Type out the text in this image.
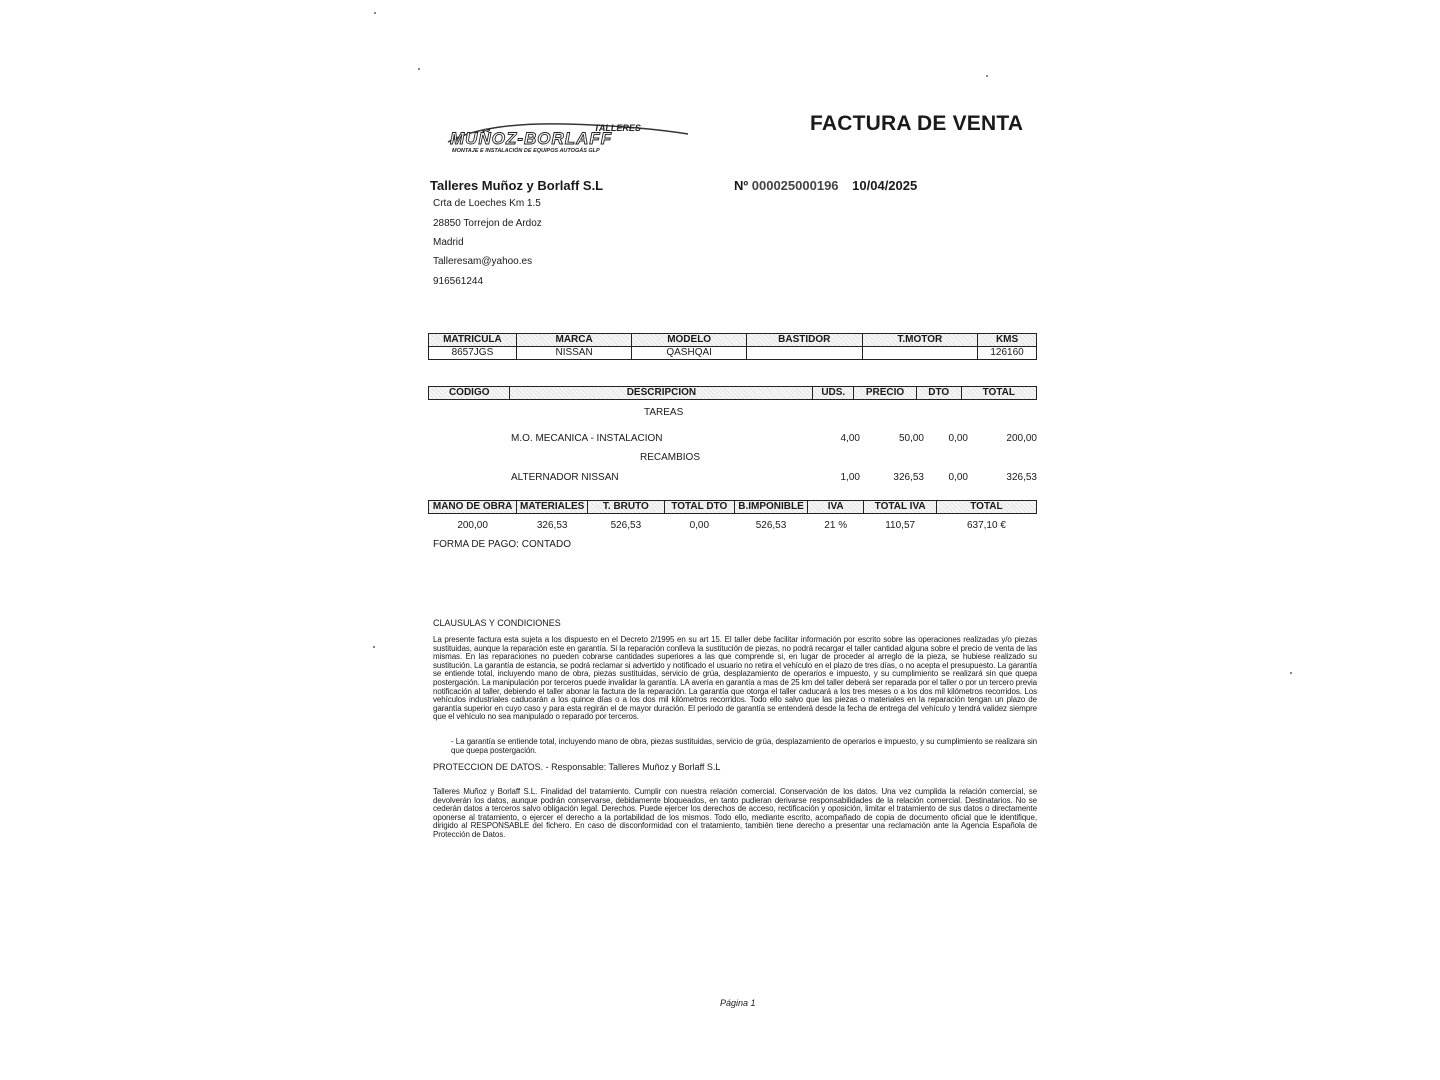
TALLERES
MUÑOZ-BORLAFF
MONTAJE E INSTALACIÓN DE EQUIPOS AUTOGÁS GLP
FACTURA DE VENTA
Talleres Muñoz y Borlaff S.L	Nº 000025000196 10/04/2025
Crta de Loeches Km 1.5
28850 Torrejon de Ardoz
Madrid
Talleresam@yahoo.es
916561244
MATRICULA	MARCA	MODELO	BASTIDOR	T.MOTOR	KMS
8657JGS	NISSAN	QASHQAI			126160
CODIGO	DESCRIPCION	UDS.	PRECIO	DTO	TOTAL
TAREAS
M.O. MECANICA - INSTALACION	4,00	50,00	0,00	200,00
RECAMBIOS
ALTERNADOR NISSAN	1,00	326,53	0,00	326,53
MANO DE OBRA	MATERIALES	T. BRUTO	TOTAL DTO	B.IMPONIBLE	IVA	TOTAL IVA	TOTAL
200,00	326,53	526,53	0,00	526,53	21 %	110,57	637,10 €
FORMA DE PAGO: CONTADO
CLAUSULAS Y CONDICIONES
La presente factura esta sujeta a los dispuesto en el Decreto 2/1995 en su art 15. El taller debe facilitar información por escrito sobre las operaciones realizadas y/o piezas sustituidas, aunque la reparación este en garantía. Si la reparación conlleva la sustitución de piezas, no podrá recargar el taller cantidad alguna sobre el precio de venta de las mismas. En las reparaciones no pueden cobrarse cantidades superiores a las que comprende si, en lugar de proceder al arreglo de la pieza, se hubiese realizado su sustitución. La garantía de estancia, se podrá reclamar si advertido y notificado el usuario no retira el vehículo en el plazo de tres días, o no acepta el presupuesto. La garantía se entiende total, incluyendo mano de obra, piezas sustituidas, servicio de grúa, desplazamiento de operarios e impuesto, y su cumplimiento se realizará sin que quepa postergación. La manipulación por terceros puede invalidar la garantía. LA avería en garantía a mas de 25 km del taller deberá ser reparada por el taller o por un tercero previa notificación al taller, debiendo el taller abonar la factura de la reparación. La garantía que otorga el taller caducará a los tres meses o a los dos mil kilómetros recorridos. Los vehículos industriales caducarán a los quince días o a los dos mil kilómetros recorridos. Todo ello salvo que las piezas o materiales en la reparación tengan un plazo de garantía superior en cuyo caso y para esta regirán el de mayor duración. El periodo de garantía se entenderá desde la fecha de entrega del vehículo y tendrá validez siempre que el vehículo no sea manipulado o reparado por terceros.
- La garantía se entiende total, incluyendo mano de obra, piezas sustituidas, servicio de grúa, desplazamiento de operarios e impuesto, y su cumplimiento se realizara sin que quepa postergación.
PROTECCION DE DATOS. - Responsable: Talleres Muñoz y Borlaff S.L
Talleres Muñoz y Borlaff S.L. Finalidad del tratamiento. Cumplir con nuestra relación comercial. Conservación de los datos. Una vez cumplida la relación comercial, se devolverán los datos, aunque podrán conservarse, debidamente bloqueados, en tanto pudieran derivarse responsabilidades de la relación comercial. Destinatarios. No se cederán datos a terceros salvo obligación legal. Derechos. Puede ejercer los derechos de acceso, rectificación y oposición, limitar el tratamiento de sus datos o directamente oponerse al tratamiento, o ejercer el derecho a la portabilidad de los mismos. Todo ello, mediante escrito, acompañado de copia de documento oficial que le identifique, dirigido al RESPONSABLE del fichero. En caso de disconformidad con el tratamiento, también tiene derecho a presentar una reclamación ante la Agencia Española de Protección de Datos.
Página 1
